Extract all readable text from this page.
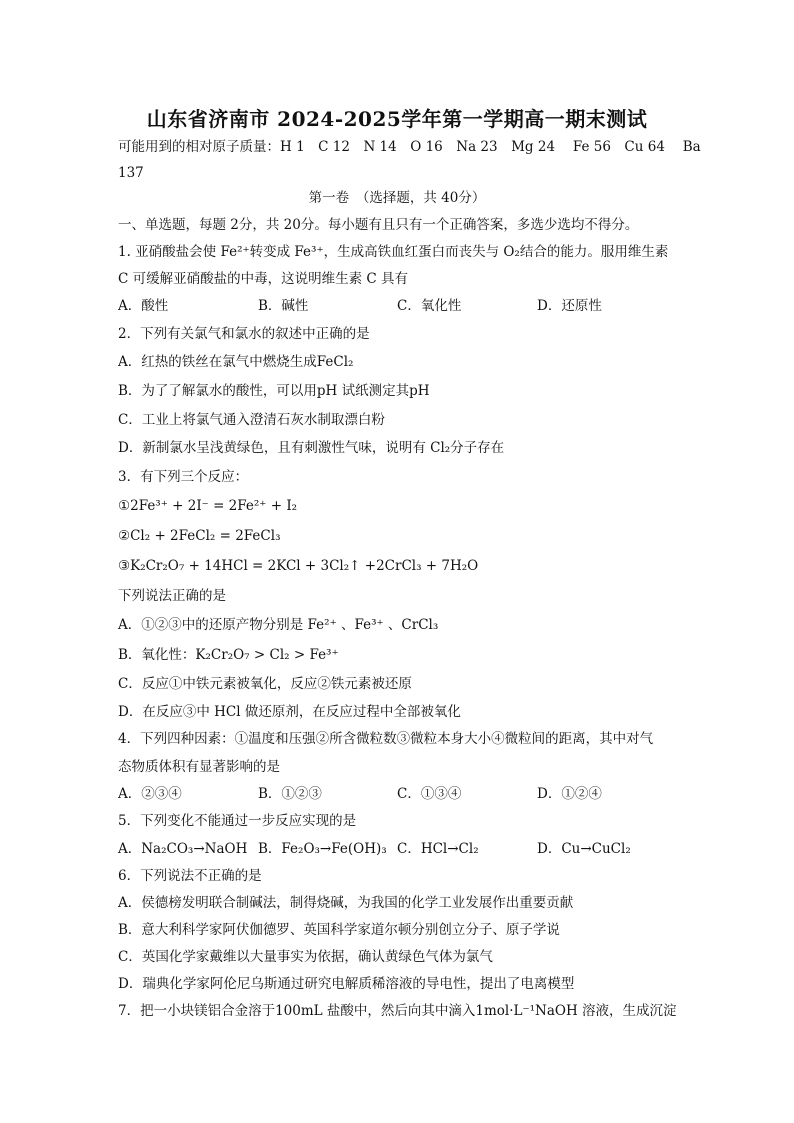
山东省济南市 2024-2025学年第一学期高一期末测试
可能用到的相对原子质量：H 1　C 12　N 14　O 16　Na 23　Mg 24　 Fe 56　Cu 64　 Ba
137
第一卷　（选择题，共 40分）
一、单选题，每题 2分，共 20分。每小题有且只有一个正确答案，多选少选均不得分。
1. 亚硝酸盐会使 Fe²⁺转变成 Fe³⁺，生成高铁血红蛋白而丧失与 O₂结合的能力。服用维生素
C 可缓解亚硝酸盐的中毒，这说明维生素 C 具有
A．酸性	B．碱性	C．氧化性	D．还原性
2．下列有关氯气和氯水的叙述中正确的是
A．红热的铁丝在氯气中燃烧生成FeCl₂
B．为了了解氯水的酸性，可以用pH 试纸测定其pH
C．工业上将氯气通入澄清石灰水制取漂白粉
D．新制氯水呈浅黄绿色，且有刺激性气味，说明有 Cl₂分子存在
3．有下列三个反应：
①2Fe³⁺ + 2I⁻ = 2Fe²⁺ + I₂
②Cl₂ + 2FeCl₂ = 2FeCl₃
③K₂Cr₂O₇ + 14HCl = 2KCl + 3Cl₂↑ +2CrCl₃ + 7H₂O
下列说法正确的是
A．①②③中的还原产物分别是 Fe²⁺ 、Fe³⁺ 、CrCl₃
B．氧化性：K₂Cr₂O₇ > Cl₂ > Fe³⁺
C．反应①中铁元素被氧化，反应②铁元素被还原
D．在反应③中 HCl 做还原剂，在反应过程中全部被氧化
4．下列四种因素：①温度和压强②所含微粒数③微粒本身大小④微粒间的距离，其中对气
态物质体积有显著影响的是
A．②③④	B．①②③	C．①③④	D．①②④
5．下列变化不能通过一步反应实现的是
A．Na₂CO₃→NaOH B．Fe₂O₃→Fe(OH)₃ C．HCl→Cl₂	D．Cu→CuCl₂
6．下列说法不正确的是
A．侯德榜发明联合制碱法，制得烧碱，为我国的化学工业发展作出重要贡献
B．意大利科学家阿伏伽德罗、英国科学家道尔顿分别创立分子、原子学说
C．英国化学家戴维以大量事实为依据，确认黄绿色气体为氯气
D．瑞典化学家阿伦尼乌斯通过研究电解质稀溶液的导电性，提出了电离模型
7．把一小块镁铝合金溶于100mL 盐酸中，然后向其中滴入1mol·L⁻¹NaOH 溶液，生成沉淀
